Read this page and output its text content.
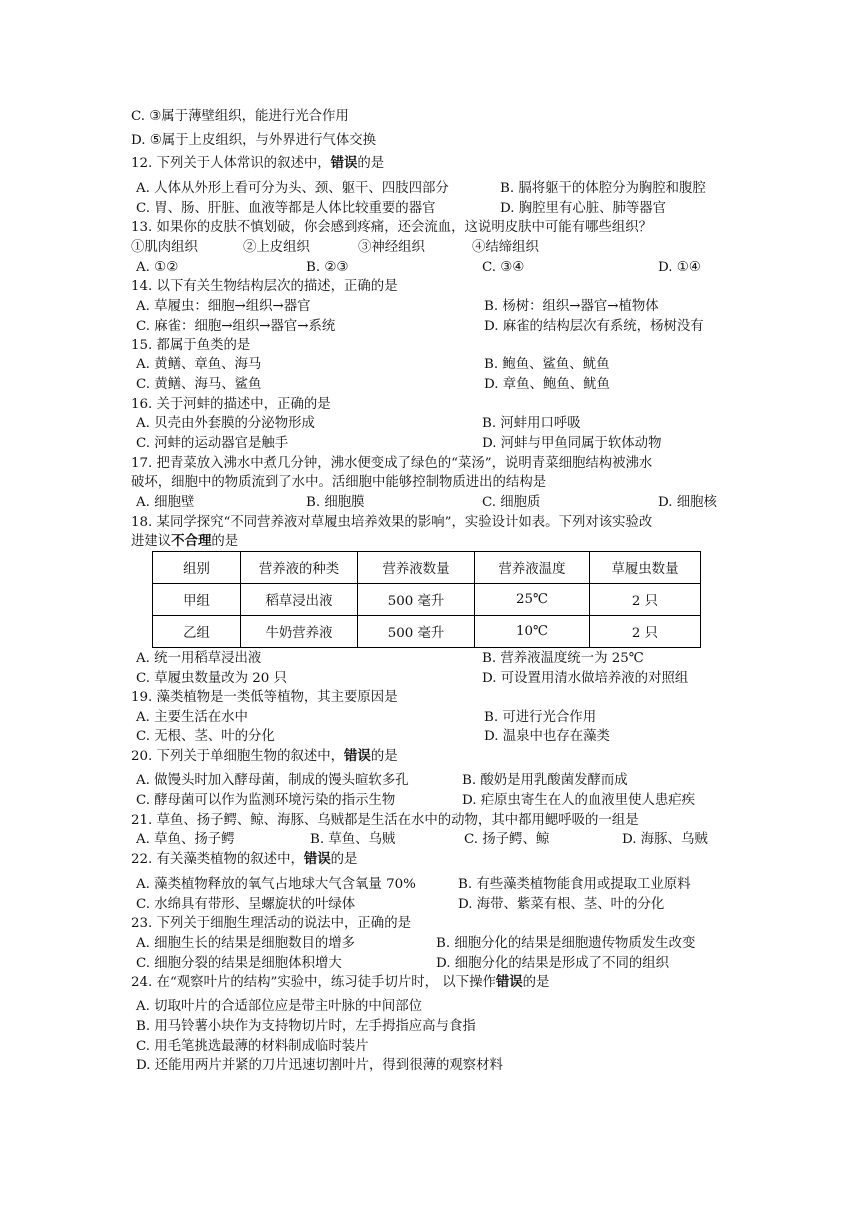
C. ③属于薄壁组织，能进行光合作用
D. ⑤属于上皮组织，与外界进行气体交换
12. 下列关于人体常识的叙述中，错误的是
A. 人体从外形上看可分为头、颈、躯干、四肢四部分	B. 膈将躯干的体腔分为胸腔和腹腔
C. 胃、肠、肝脏、血液等都是人体比较重要的器官	D. 胸腔里有心脏、肺等器官
13. 如果你的皮肤不慎划破，你会感到疼痛，还会流血，这说明皮肤中可能有哪些组织？
①肌肉组织	②上皮组织	③神经组织	④结缔组织
A. ①②	B. ②③	C. ③④	D. ①④
14. 以下有关生物结构层次的描述，正确的是
A. 草履虫：细胞→组织→器官	B. 杨树：组织→器官→植物体
C. 麻雀：细胞→组织→器官→系统	D. 麻雀的结构层次有系统，杨树没有
15. 都属于鱼类的是
A. 黄鳝、章鱼、海马	B. 鲍鱼、鲨鱼、鱿鱼
C. 黄鳝、海马、鲨鱼	D. 章鱼、鲍鱼、鱿鱼
16. 关于河蚌的描述中，正确的是
A. 贝壳由外套膜的分泌物形成	B. 河蚌用口呼吸
C. 河蚌的运动器官是触手	D. 河蚌与甲鱼同属于软体动物
17. 把青菜放入沸水中煮几分钟，沸水便变成了绿色的“菜汤”，说明青菜细胞结构被沸水
破坏，细胞中的物质流到了水中。活细胞中能够控制物质进出的结构是
A. 细胞壁	B. 细胞膜	C. 细胞质	D. 细胞核
18. 某同学探究“不同营养液对草履虫培养效果的影响”，实验设计如表。下列对该实验改
进建议不合理的是
组别	营养液的种类	营养液数量	营养液温度	草履虫数量
甲组	稻草浸出液	500 毫升	25℃	2 只
乙组	牛奶营养液	500 毫升	10℃	2 只
A. 统一用稻草浸出液	B. 营养液温度统一为 25℃
C. 草履虫数量改为 20 只	D. 可设置用清水做培养液的对照组
19. 藻类植物是一类低等植物，其主要原因是
A. 主要生活在水中	B. 可进行光合作用
C. 无根、茎、叶的分化	D. 温泉中也存在藻类
20. 下列关于单细胞生物的叙述中，错误的是
A. 做馒头时加入酵母菌，制成的馒头暄软多孔	B. 酸奶是用乳酸菌发酵而成
C. 酵母菌可以作为监测环境污染的指示生物	D. 疟原虫寄生在人的血液里使人患疟疾
21. 草鱼、扬子鳄、鲸、海豚、乌贼都是生活在水中的动物，其中都用鳃呼吸的一组是
A. 草鱼、扬子鳄	B. 草鱼、乌贼	C. 扬子鳄、鲸	D. 海豚、乌贼
22. 有关藻类植物的叙述中，错误的是
A. 藻类植物释放的氧气占地球大气含氧量 70%	B. 有些藻类植物能食用或提取工业原料
C. 水绵具有带形、呈螺旋状的叶绿体	D. 海带、紫菜有根、茎、叶的分化
23. 下列关于细胞生理活动的说法中，正确的是
A. 细胞生长的结果是细胞数目的增多	B. 细胞分化的结果是细胞遗传物质发生改变
C. 细胞分裂的结果是细胞体积增大	D. 细胞分化的结果是形成了不同的组织
24. 在“观察叶片的结构”实验中，练习徒手切片时， 以下操作错误的是
A. 切取叶片的合适部位应是带主叶脉的中间部位
B. 用马铃薯小块作为支持物切片时，左手拇指应高与食指
C. 用毛笔挑选最薄的材料制成临时装片
D. 还能用两片并紧的刀片迅速切割叶片，得到很薄的观察材料
